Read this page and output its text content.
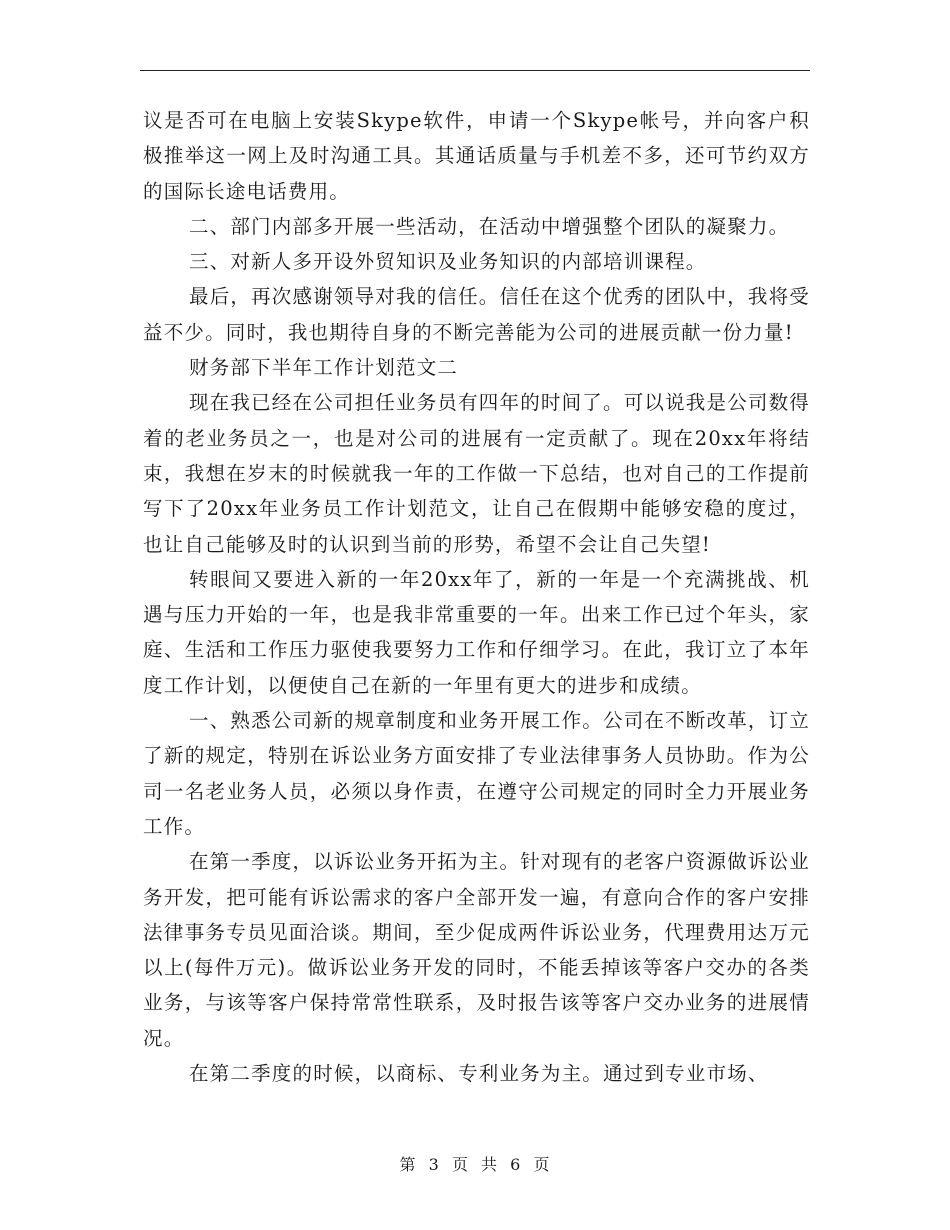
议是否可在电脑上安装Skype软件，申请一个Skype帐号，并向客户积极推举这一网上及时沟通工具。其通话质量与手机差不多，还可节约双方的国际长途电话费用。

二、部门内部多开展一些活动，在活动中增强整个团队的凝聚力。

三、对新人多开设外贸知识及业务知识的内部培训课程。

最后，再次感谢领导对我的信任。信任在这个优秀的团队中，我将受益不少。同时，我也期待自身的不断完善能为公司的进展贡献一份力量!

财务部下半年工作计划范文二

现在我已经在公司担任业务员有四年的时间了。可以说我是公司数得着的老业务员之一，也是对公司的进展有一定贡献了。现在20xx年将结束，我想在岁末的时候就我一年的工作做一下总结，也对自己的工作提前写下了20xx年业务员工作计划范文，让自己在假期中能够安稳的度过，也让自己能够及时的认识到当前的形势，希望不会让自己失望!

转眼间又要进入新的一年20xx年了，新的一年是一个充满挑战、机遇与压力开始的一年，也是我非常重要的一年。出来工作已过个年头，家庭、生活和工作压力驱使我要努力工作和仔细学习。在此，我订立了本年度工作计划，以便使自己在新的一年里有更大的进步和成绩。

一、熟悉公司新的规章制度和业务开展工作。公司在不断改革，订立了新的规定，特别在诉讼业务方面安排了专业法律事务人员协助。作为公司一名老业务人员，必须以身作责，在遵守公司规定的同时全力开展业务工作。

在第一季度，以诉讼业务开拓为主。针对现有的老客户资源做诉讼业务开发，把可能有诉讼需求的客户全部开发一遍，有意向合作的客户安排法律事务专员见面洽谈。期间，至少促成两件诉讼业务，代理费用达万元以上(每件万元)。做诉讼业务开发的同时，不能丢掉该等客户交办的各类业务，与该等客户保持常常性联系，及时报告该等客户交办业务的进展情况。

在第二季度的时候，以商标、专利业务为主。通过到专业市场、

第 3 页 共 6 页
